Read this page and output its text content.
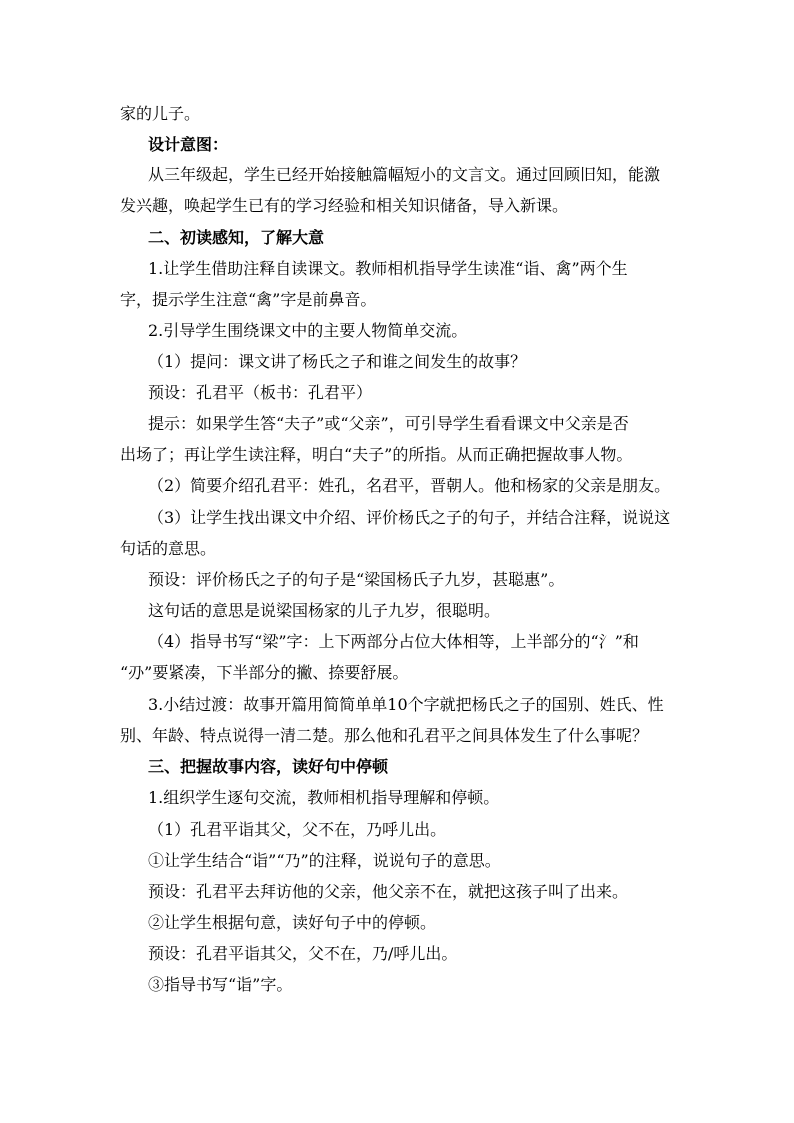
家的儿子。
设计意图：
从三年级起，学生已经开始接触篇幅短小的文言文。通过回顾旧知，能激
发兴趣，唤起学生已有的学习经验和相关知识储备，导入新课。
二、初读感知，了解大意
1.让学生借助注释自读课文。教师相机指导学生读准“诣、禽”两个生
字，提示学生注意“禽”字是前鼻音。
2.引导学生围绕课文中的主要人物简单交流。
（1）提问：课文讲了杨氏之子和谁之间发生的故事？
预设：孔君平（板书：孔君平）
提示：如果学生答“夫子”或“父亲”，可引导学生看看课文中父亲是否
出场了；再让学生读注释，明白“夫子”的所指。从而正确把握故事人物。
（2）简要介绍孔君平：姓孔，名君平，晋朝人。他和杨家的父亲是朋友。
（3）让学生找出课文中介绍、评价杨氏之子的句子，并结合注释，说说这
句话的意思。
预设：评价杨氏之子的句子是“梁国杨氏子九岁，甚聪惠”。
这句话的意思是说梁国杨家的儿子九岁，很聪明。
（4）指导书写“梁”字：上下两部分占位大体相等，上半部分的“氵”和
“刅”要紧凑，下半部分的撇、捺要舒展。
3.小结过渡：故事开篇用简简单单10个字就把杨氏之子的国别、姓氏、性
别、年龄、特点说得一清二楚。那么他和孔君平之间具体发生了什么事呢？
三、把握故事内容，读好句中停顿
1.组织学生逐句交流，教师相机指导理解和停顿。
（1）孔君平诣其父，父不在，乃呼儿出。
①让学生结合“诣”“乃”的注释，说说句子的意思。
预设：孔君平去拜访他的父亲，他父亲不在，就把这孩子叫了出来。
②让学生根据句意，读好句子中的停顿。
预设：孔君平诣其父，父不在，乃/呼儿出。
③指导书写“诣”字。
